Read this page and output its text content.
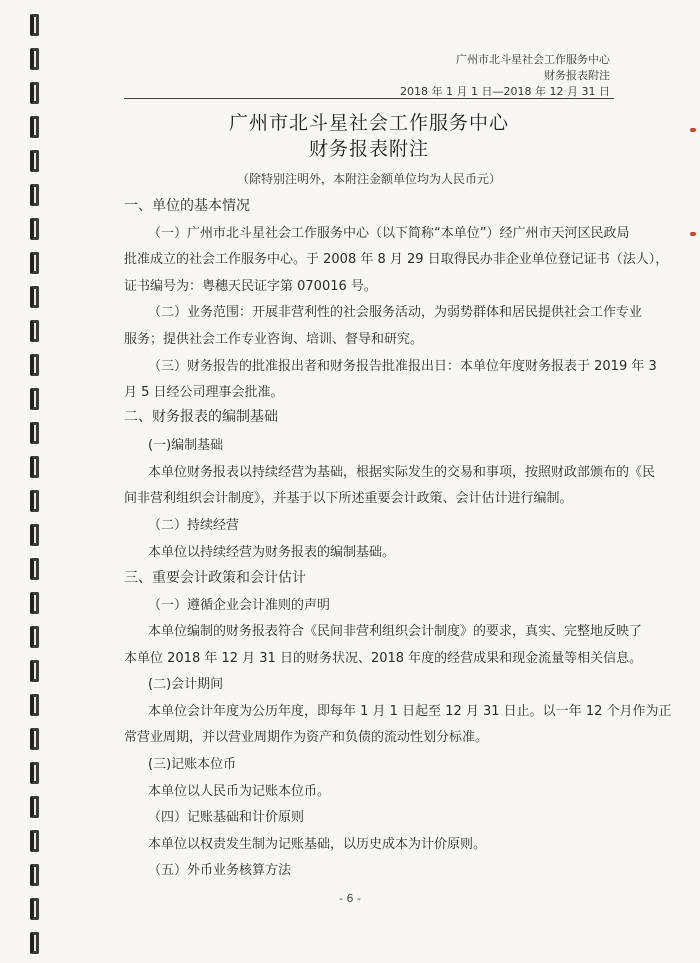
广州市北斗星社会工作服务中心
财务报表附注
2018 年 1 月 1 日—2018 年 12 月 31 日
广州市北斗星社会工作服务中心
财务报表附注
（除特别注明外，本附注金额单位均为人民币元）
一、单位的基本情况
（一）广州市北斗星社会工作服务中心（以下简称“本单位”）经广州市天河区民政局
批准成立的社会工作服务中心。于 2008 年 8 月 29 日取得民办非企业单位登记证书（法人），
证书编号为：粤穗天民证字第 070016 号。
（二）业务范围：开展非营利性的社会服务活动，为弱势群体和居民提供社会工作专业
服务；提供社会工作专业咨询、培训、督导和研究。
（三）财务报告的批准报出者和财务报告批准报出日：本单位年度财务报表于 2019 年 3
月 5 日经公司理事会批准。
二、财务报表的编制基础
(一)编制基础
本单位财务报表以持续经营为基础，根据实际发生的交易和事项，按照财政部颁布的《民
间非营利组织会计制度》，并基于以下所述重要会计政策、会计估计进行编制。
（二）持续经营
本单位以持续经营为财务报表的编制基础。
三、重要会计政策和会计估计
（一）遵循企业会计准则的声明
本单位编制的财务报表符合《民间非营利组织会计制度》的要求，真实、完整地反映了
本单位 2018 年 12 月 31 日的财务状况、2018 年度的经营成果和现金流量等相关信息。
(二)会计期间
本单位会计年度为公历年度，即每年 1 月 1 日起至 12 月 31 日止。以一年 12 个月作为正
常营业周期，并以营业周期作为资产和负债的流动性划分标准。
(三)记账本位币
本单位以人民币为记账本位币。
（四）记账基础和计价原则
本单位以权责发生制为记账基础，以历史成本为计价原则。
（五）外币业务核算方法
- 6 -
